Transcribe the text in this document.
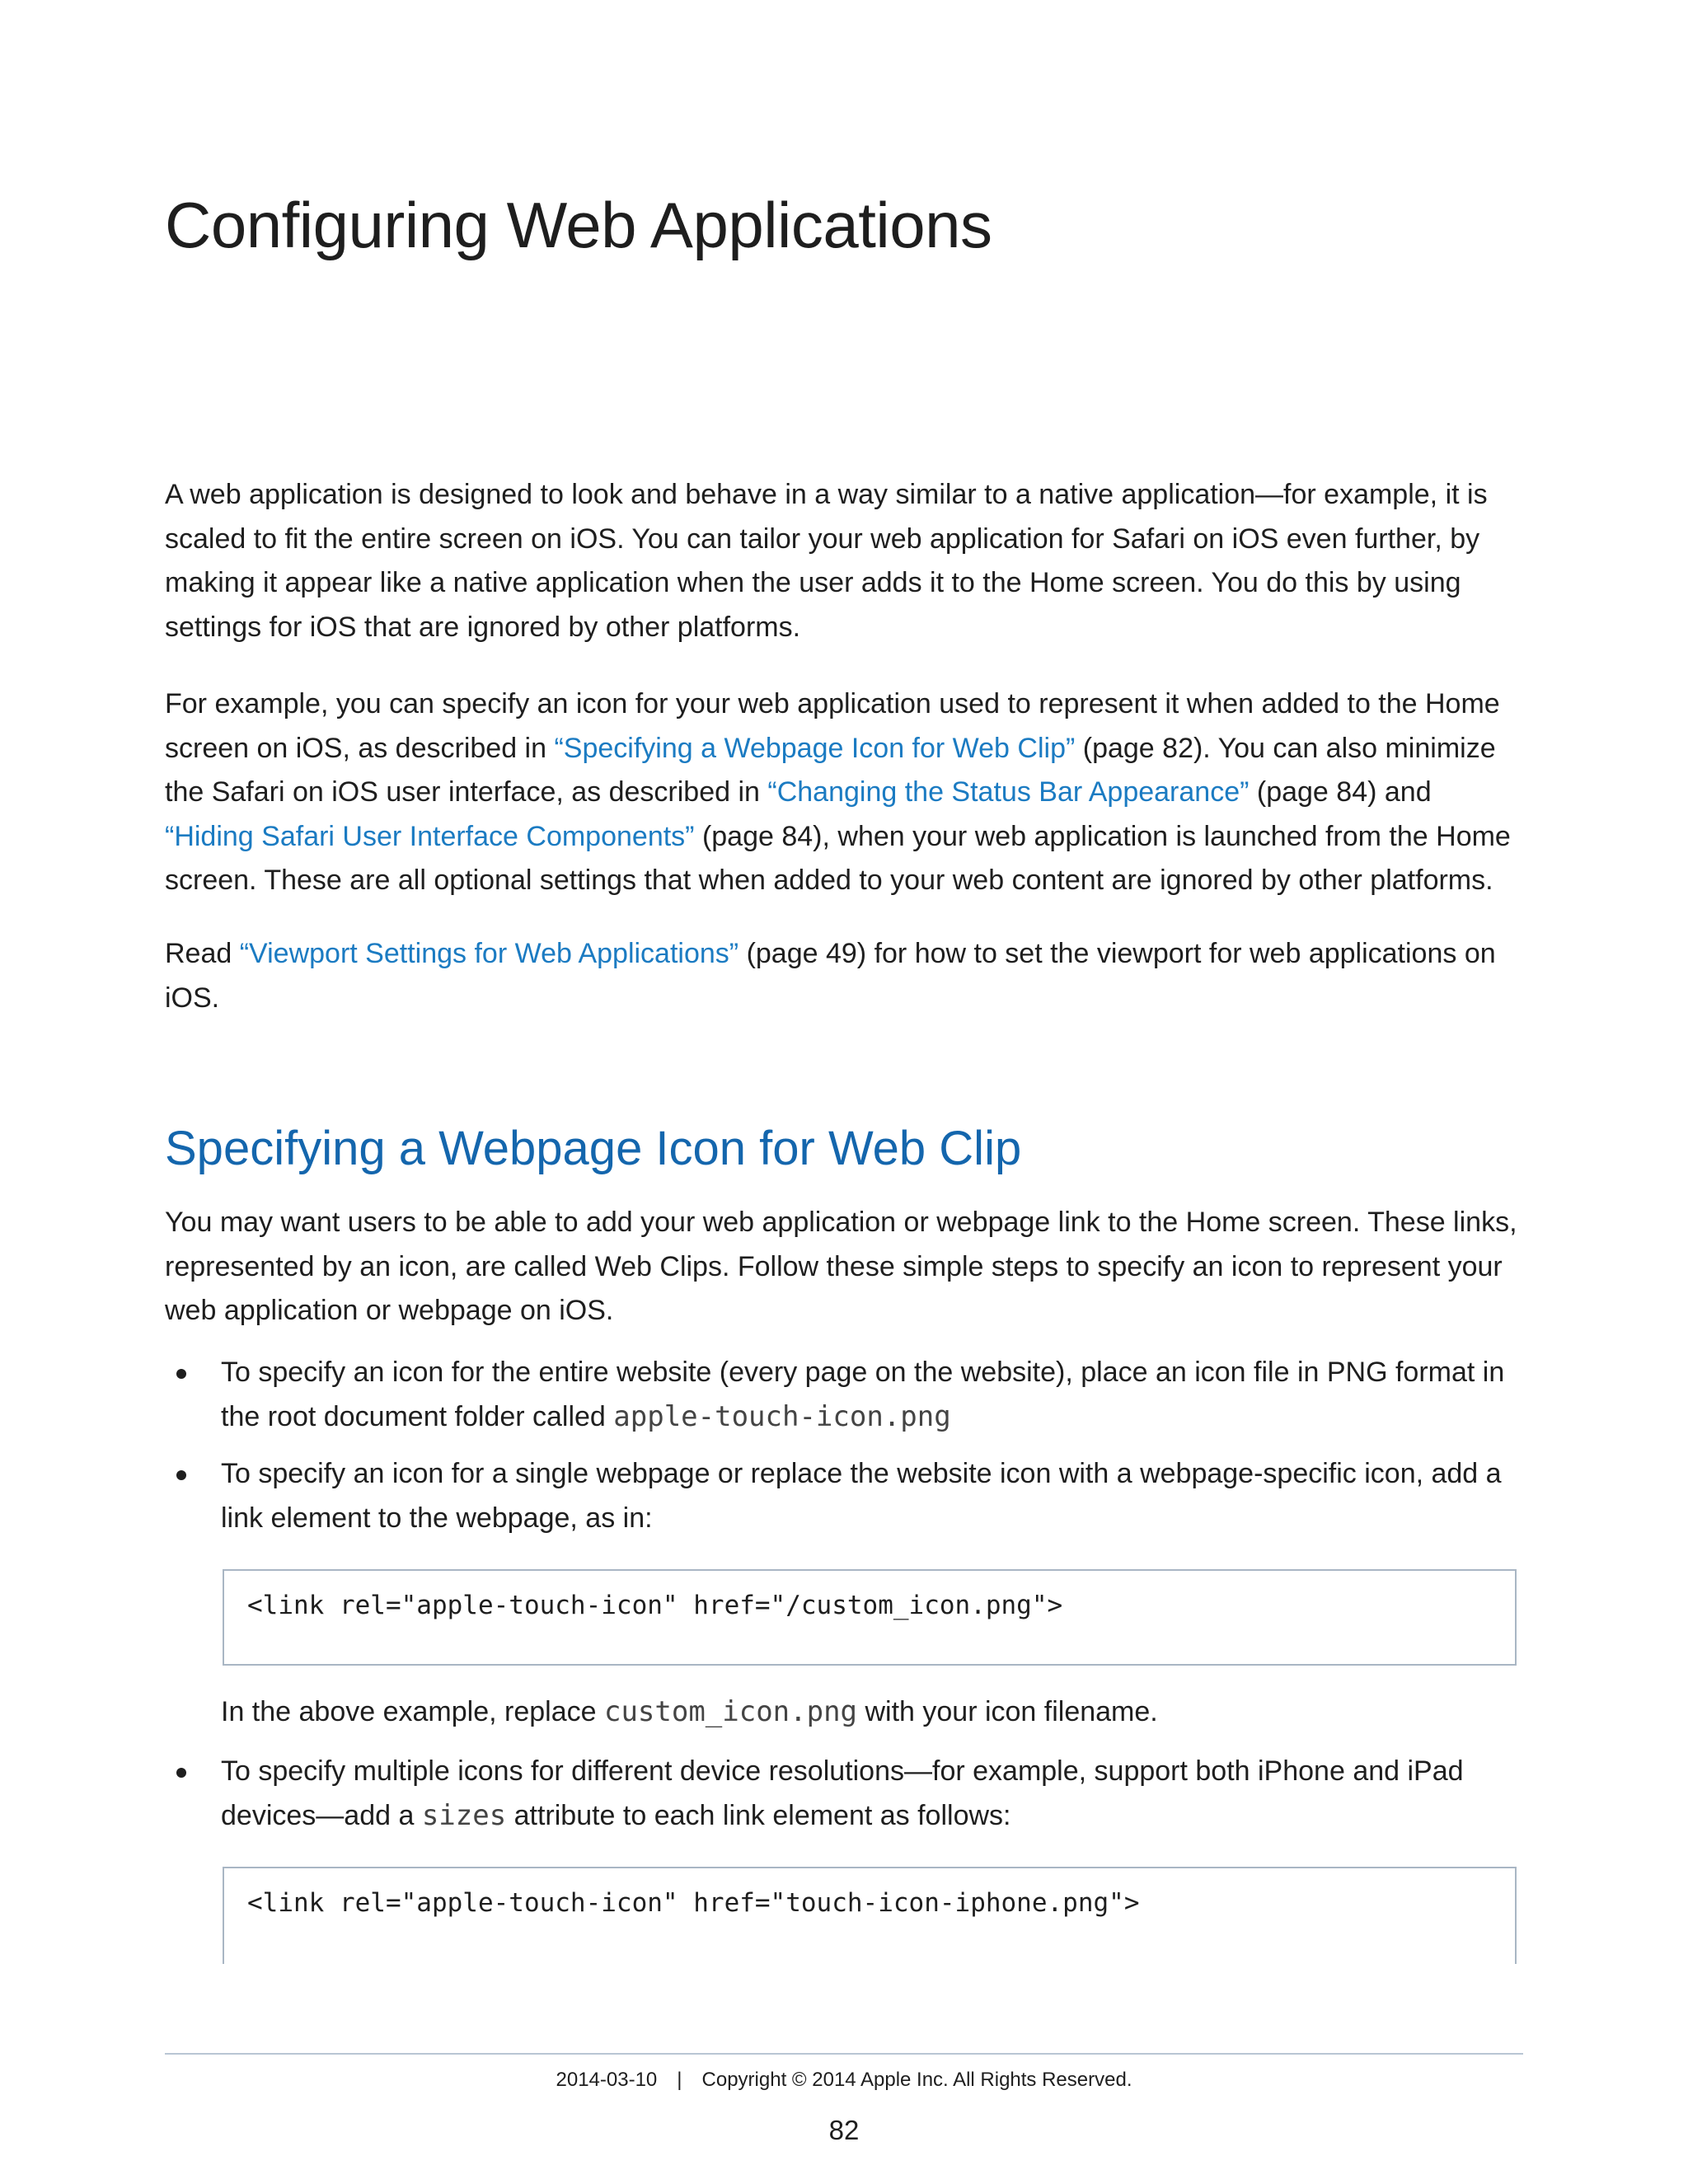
Configuring Web Applications

A web application is designed to look and behave in a way similar to a native application—for example, it is scaled to fit the entire screen on iOS. You can tailor your web application for Safari on iOS even further, by making it appear like a native application when the user adds it to the Home screen. You do this by using settings for iOS that are ignored by other platforms.

For example, you can specify an icon for your web application used to represent it when added to the Home screen on iOS, as described in “Specifying a Webpage Icon for Web Clip” (page 82). You can also minimize the Safari on iOS user interface, as described in “Changing the Status Bar Appearance” (page 84) and “Hiding Safari User Interface Components” (page 84), when your web application is launched from the Home screen. These are all optional settings that when added to your web content are ignored by other platforms.

Read “Viewport Settings for Web Applications” (page 49) for how to set the viewport for web applications on iOS.

Specifying a Webpage Icon for Web Clip

You may want users to be able to add your web application or webpage link to the Home screen. These links, represented by an icon, are called Web Clips. Follow these simple steps to specify an icon to represent your web application or webpage on iOS.

To specify an icon for the entire website (every page on the website), place an icon file in PNG format in the root document folder called apple-touch-icon.png
To specify an icon for a single webpage or replace the website icon with a webpage-specific icon, add a link element to the webpage, as in:
<link rel="apple-touch-icon" href="/custom_icon.png">

In the above example, replace custom_icon.png with your icon filename.

To specify multiple icons for different device resolutions—for example, support both iPhone and iPad devices—add a sizes attribute to each link element as follows:
<link rel="apple-touch-icon" href="touch-icon-iphone.png">
2014-03-10 | Copyright © 2014 Apple Inc. All Rights Reserved.
82
